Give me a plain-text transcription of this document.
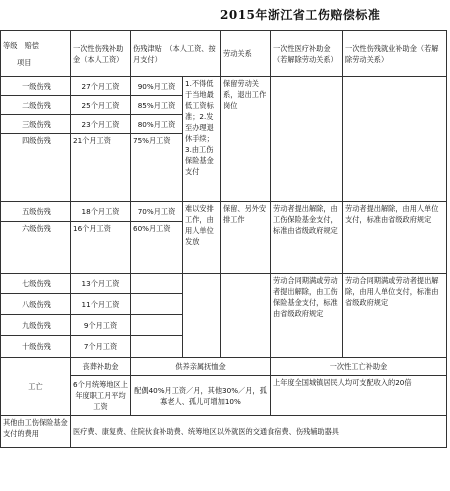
2015年浙江省工伤赔偿标准
等级　赔偿
项目	一次性伤残补助金（本人工资）	伤残津贴　（本人工资、按月支付）		劳动关系	一次性医疗补助金（若解除劳动关系）	一次性伤残就业补助金（若解除劳动关系）
一级伤残	27个月工资	90%月工资	1.不得低于当地最低工资标准；2.发至办理退休手续；3.由工伤保险基金支付	保留劳动关系，退出工作岗位		
二级伤残	25个月工资	85%月工资				
三级伤残	23个月工资	80%月工资				
四级伤残	21个月工资	75%月工资				
五级伤残	18个月工资	70%月工资	难以安排工作，由用人单位发放	保留、另外安排工作	劳动者提出解除，由工伤保险基金支付，标准由省级政府规定	劳动者提出解除，由用人单位支付，标准由省级政府规定
六级伤残	16个月工资	60%月工资				
七级伤残	13个月工资				劳动合同期满或劳动者提出解除，由工伤保险基金支付，标准由省级政府规定	劳动合同期满或劳动者提出解除，由用人单位支付，标准由省级政府规定
八级伤残	11个月工资					
九级伤残	9个月工资					
十级伤残	7个月工资					
工亡	丧葬补助金	供养亲属抚恤金			一次性工亡补助金	
	6个月统筹地区上年度职工月平均工资	配偶40%月工资／月，其他30%／月，孤寡老人、孤儿可增加10%			上年度全国城镇居民人均可支配收入的20倍	
其他由工伤保险基金支付的费用	医疗费、康复费、住院伙食补助费、统筹地区以外就医的交通食宿费、伤残辅助器具					
